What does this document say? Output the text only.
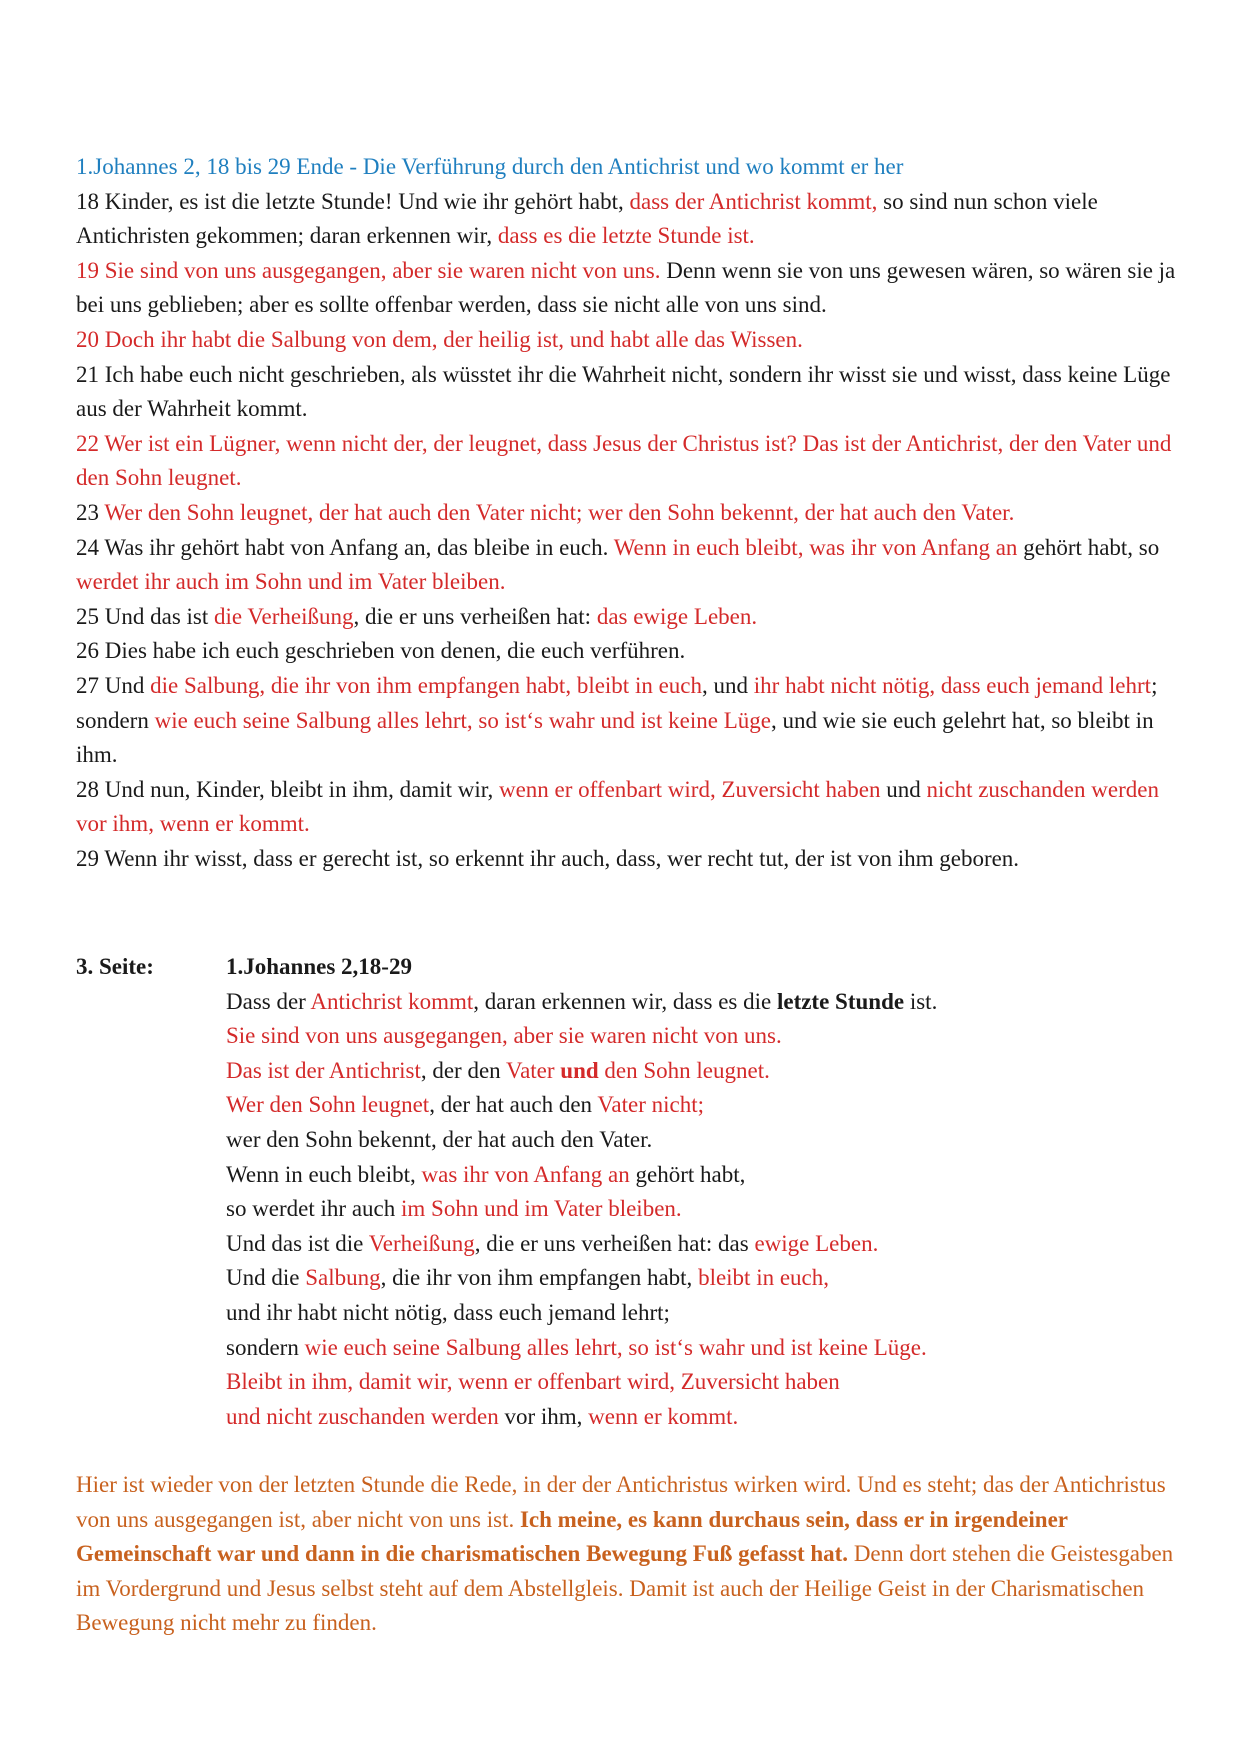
1.Johannes 2, 18 bis 29 Ende - Die Verführung durch den Antichrist und wo kommt er her

18 Kinder, es ist die letzte Stunde! Und wie ihr gehört habt, dass der Antichrist kommt, so sind nun schon viele Antichristen gekommen; daran erkennen wir, dass es die letzte Stunde ist.

19 Sie sind von uns ausgegangen, aber sie waren nicht von uns. Denn wenn sie von uns gewesen wären, so wären sie ja bei uns geblieben; aber es sollte offenbar werden, dass sie nicht alle von uns sind.

20 Doch ihr habt die Salbung von dem, der heilig ist, und habt alle das Wissen.

21 Ich habe euch nicht geschrieben, als wüsstet ihr die Wahrheit nicht, sondern ihr wisst sie und wisst, dass keine Lüge aus der Wahrheit kommt.

22 Wer ist ein Lügner, wenn nicht der, der leugnet, dass Jesus der Christus ist? Das ist der Antichrist, der den Vater und den Sohn leugnet.

23 Wer den Sohn leugnet, der hat auch den Vater nicht; wer den Sohn bekennt, der hat auch den Vater.

24 Was ihr gehört habt von Anfang an, das bleibe in euch. Wenn in euch bleibt, was ihr von Anfang an gehört habt, so werdet ihr auch im Sohn und im Vater bleiben.

25 Und das ist die Verheißung, die er uns verheißen hat: das ewige Leben.

26 Dies habe ich euch geschrieben von denen, die euch verführen.

27 Und die Salbung, die ihr von ihm empfangen habt, bleibt in euch, und ihr habt nicht nötig, dass euch jemand lehrt; sondern wie euch seine Salbung alles lehrt, so ist‘s wahr und ist keine Lüge, und wie sie euch gelehrt hat, so bleibt in ihm.

28 Und nun, Kinder, bleibt in ihm, damit wir, wenn er offenbart wird, Zuversicht haben und nicht zuschanden werden vor ihm, wenn er kommt.

29 Wenn ihr wisst, dass er gerecht ist, so erkennt ihr auch, dass, wer recht tut, der ist von ihm geboren.

3. Seite:	1.Johannes 2,18-29

Dass der Antichrist kommt, daran erkennen wir, dass es die letzte Stunde ist.

Sie sind von uns ausgegangen, aber sie waren nicht von uns.

Das ist der Antichrist, der den Vater und den Sohn leugnet.

Wer den Sohn leugnet, der hat auch den Vater nicht;

wer den Sohn bekennt, der hat auch den Vater.

Wenn in euch bleibt, was ihr von Anfang an gehört habt,

so werdet ihr auch im Sohn und im Vater bleiben.

Und das ist die Verheißung, die er uns verheißen hat: das ewige Leben.

Und die Salbung, die ihr von ihm empfangen habt, bleibt in euch,

und ihr habt nicht nötig, dass euch jemand lehrt;

sondern wie euch seine Salbung alles lehrt, so ist‘s wahr und ist keine Lüge.

Bleibt in ihm, damit wir, wenn er offenbart wird, Zuversicht haben

und nicht zuschanden werden vor ihm, wenn er kommt.

Hier ist wieder von der letzten Stunde die Rede, in der der Antichristus wirken wird. Und es steht; das der Antichristus von uns ausgegangen ist, aber nicht von uns ist. Ich meine, es kann durchaus sein, dass er in irgendeiner Gemeinschaft war und dann in die charismatischen Bewegung Fuß gefasst hat. Denn dort stehen die Geistesgaben im Vordergrund und Jesus selbst steht auf dem Abstellgleis. Damit ist auch der Heilige Geist in der Charismatischen Bewegung nicht mehr zu finden.
